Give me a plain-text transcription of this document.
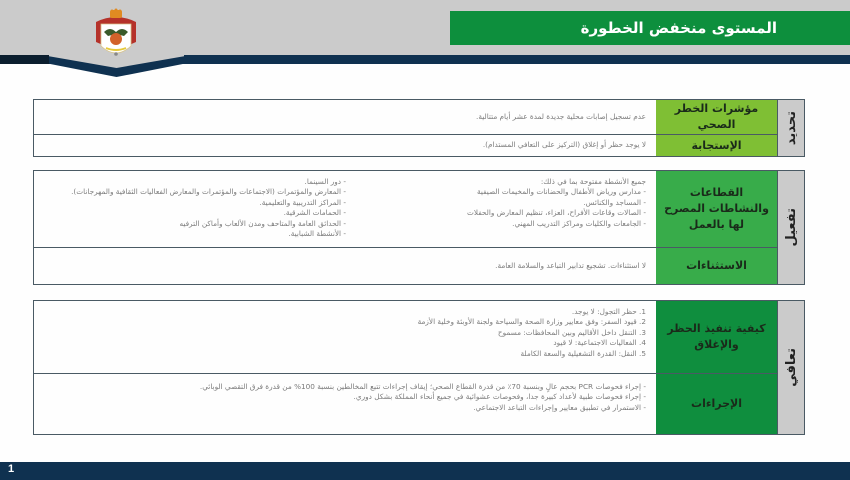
المستوى منخفض الخطورة
تحديد
مؤشرات الخطر الصحي
عدم تسجيل إصابات محلية جديدة لمدة عشر أيام متتالية.
الإستجابة
لا يوجد حظر أو إغلاق (التركيز على التعافي المستدام).
تفعيل
القطاعات والنشاطات المصرح لها بالعمل
جميع الأنشطة مفتوحة بما في ذلك:
- مدارس ورياض الأطفال والحضانات والمخيمات الصيفية
- المساجد والكنائس.
- الصالات وقاعات الأفراح، العزاء، تنظيم المعارض والحفلات
- الجامعات والكليات ومراكز التدريب المهني.
- دور السينما.
- المعارض والمؤتمرات (الاجتماعات والمؤتمرات والمعارض الفعاليات الثقافية والمهرجانات).
- المراكز التدريبية والتعليمية.
- الحمامات الشرقية.
- الحدائق العامة والمتاحف ومدن الألعاب وأماكن الترفيه
- الأنشطة الشبابية.
الاستثناءات
لا استثناءات. تشجيع تدابير التباعد والسلامة العامة.
تعافي
كيفية تنفيذ الحظر والإغلاق
1. حظر التجول: لا يوجد.
2. قيود السفر: وفق معايير وزارة الصحة والسياحة ولجنة الأوبئة وخلية الأزمة
3. التنقل داخل الأقاليم وبين المحافظات: مسموح
4. الفعاليات الاجتماعية: لا قيود
5. النقل: القدرة التشغيلية والسعة الكاملة
الإجراءات
- إجراء فحوصات PCR بحجم عالٍ وبنسبة 70٪ من قدرة القطاع الصحي؛ إيقاف إجراءات تتبع المخالطين بنسبة 100% من قدرة فرق التقصي الوبائي.
- إجراء فحوصات طبية لأعداد كبيرة جدا، وفحوصات عشوائية في جميع أنحاء المملكة بشكل دوري.
- الاستمرار في تطبيق معايير وإجراءات التباعد الاجتماعي.
1
